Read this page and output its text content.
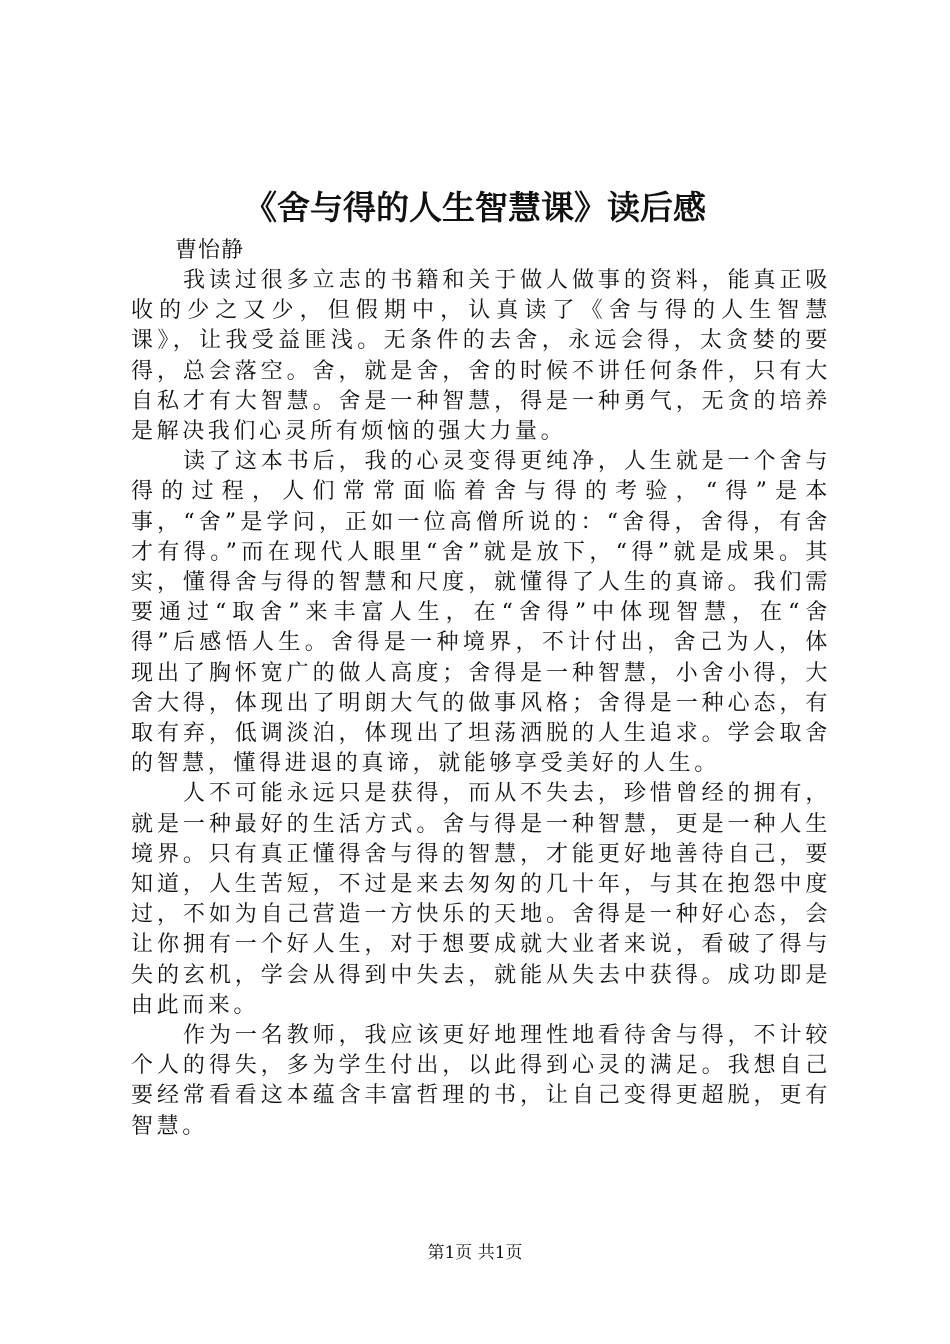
《舍与得的人生智慧课》读后感

曹怡静

我读过很多立志的书籍和关于做人做事的资料，能真正吸收的少之又少，但假期中，认真读了《舍与得的人生智慧课》，让我受益匪浅。无条件的去舍，永远会得，太贪婪的要得，总会落空。舍，就是舍，舍的时候不讲任何条件，只有大自私才有大智慧。舍是一种智慧，得是一种勇气，无贪的培养是解决我们心灵所有烦恼的强大力量。

读了这本书后，我的心灵变得更纯净，人生就是一个舍与得的过程，人们常常面临着舍与得的考验，“得”是本事，“舍”是学问，正如一位高僧所说的：“舍得，舍得，有舍才有得。”而在现代人眼里“舍”就是放下，“得”就是成果。其实，懂得舍与得的智慧和尺度，就懂得了人生的真谛。我们需要通过“取舍”来丰富人生，在“舍得”中体现智慧，在“舍得”后感悟人生。舍得是一种境界，不计付出，舍己为人，体现出了胸怀宽广的做人高度；舍得是一种智慧，小舍小得，大舍大得，体现出了明朗大气的做事风格；舍得是一种心态，有取有弃，低调淡泊，体现出了坦荡洒脱的人生追求。学会取舍的智慧，懂得进退的真谛，就能够享受美好的人生。

人不可能永远只是获得，而从不失去，珍惜曾经的拥有，就是一种最好的生活方式。舍与得是一种智慧，更是一种人生境界。只有真正懂得舍与得的智慧，才能更好地善待自己，要知道，人生苦短，不过是来去匆匆的几十年，与其在抱怨中度过，不如为自己营造一方快乐的天地。舍得是一种好心态，会让你拥有一个好人生，对于想要成就大业者来说，看破了得与失的玄机，学会从得到中失去，就能从失去中获得。成功即是由此而来。

作为一名教师，我应该更好地理性地看待舍与得，不计较个人的得失，多为学生付出，以此得到心灵的满足。我想自己要经常看看这本蕴含丰富哲理的书，让自己变得更超脱，更有智慧。

第1页 共1页
